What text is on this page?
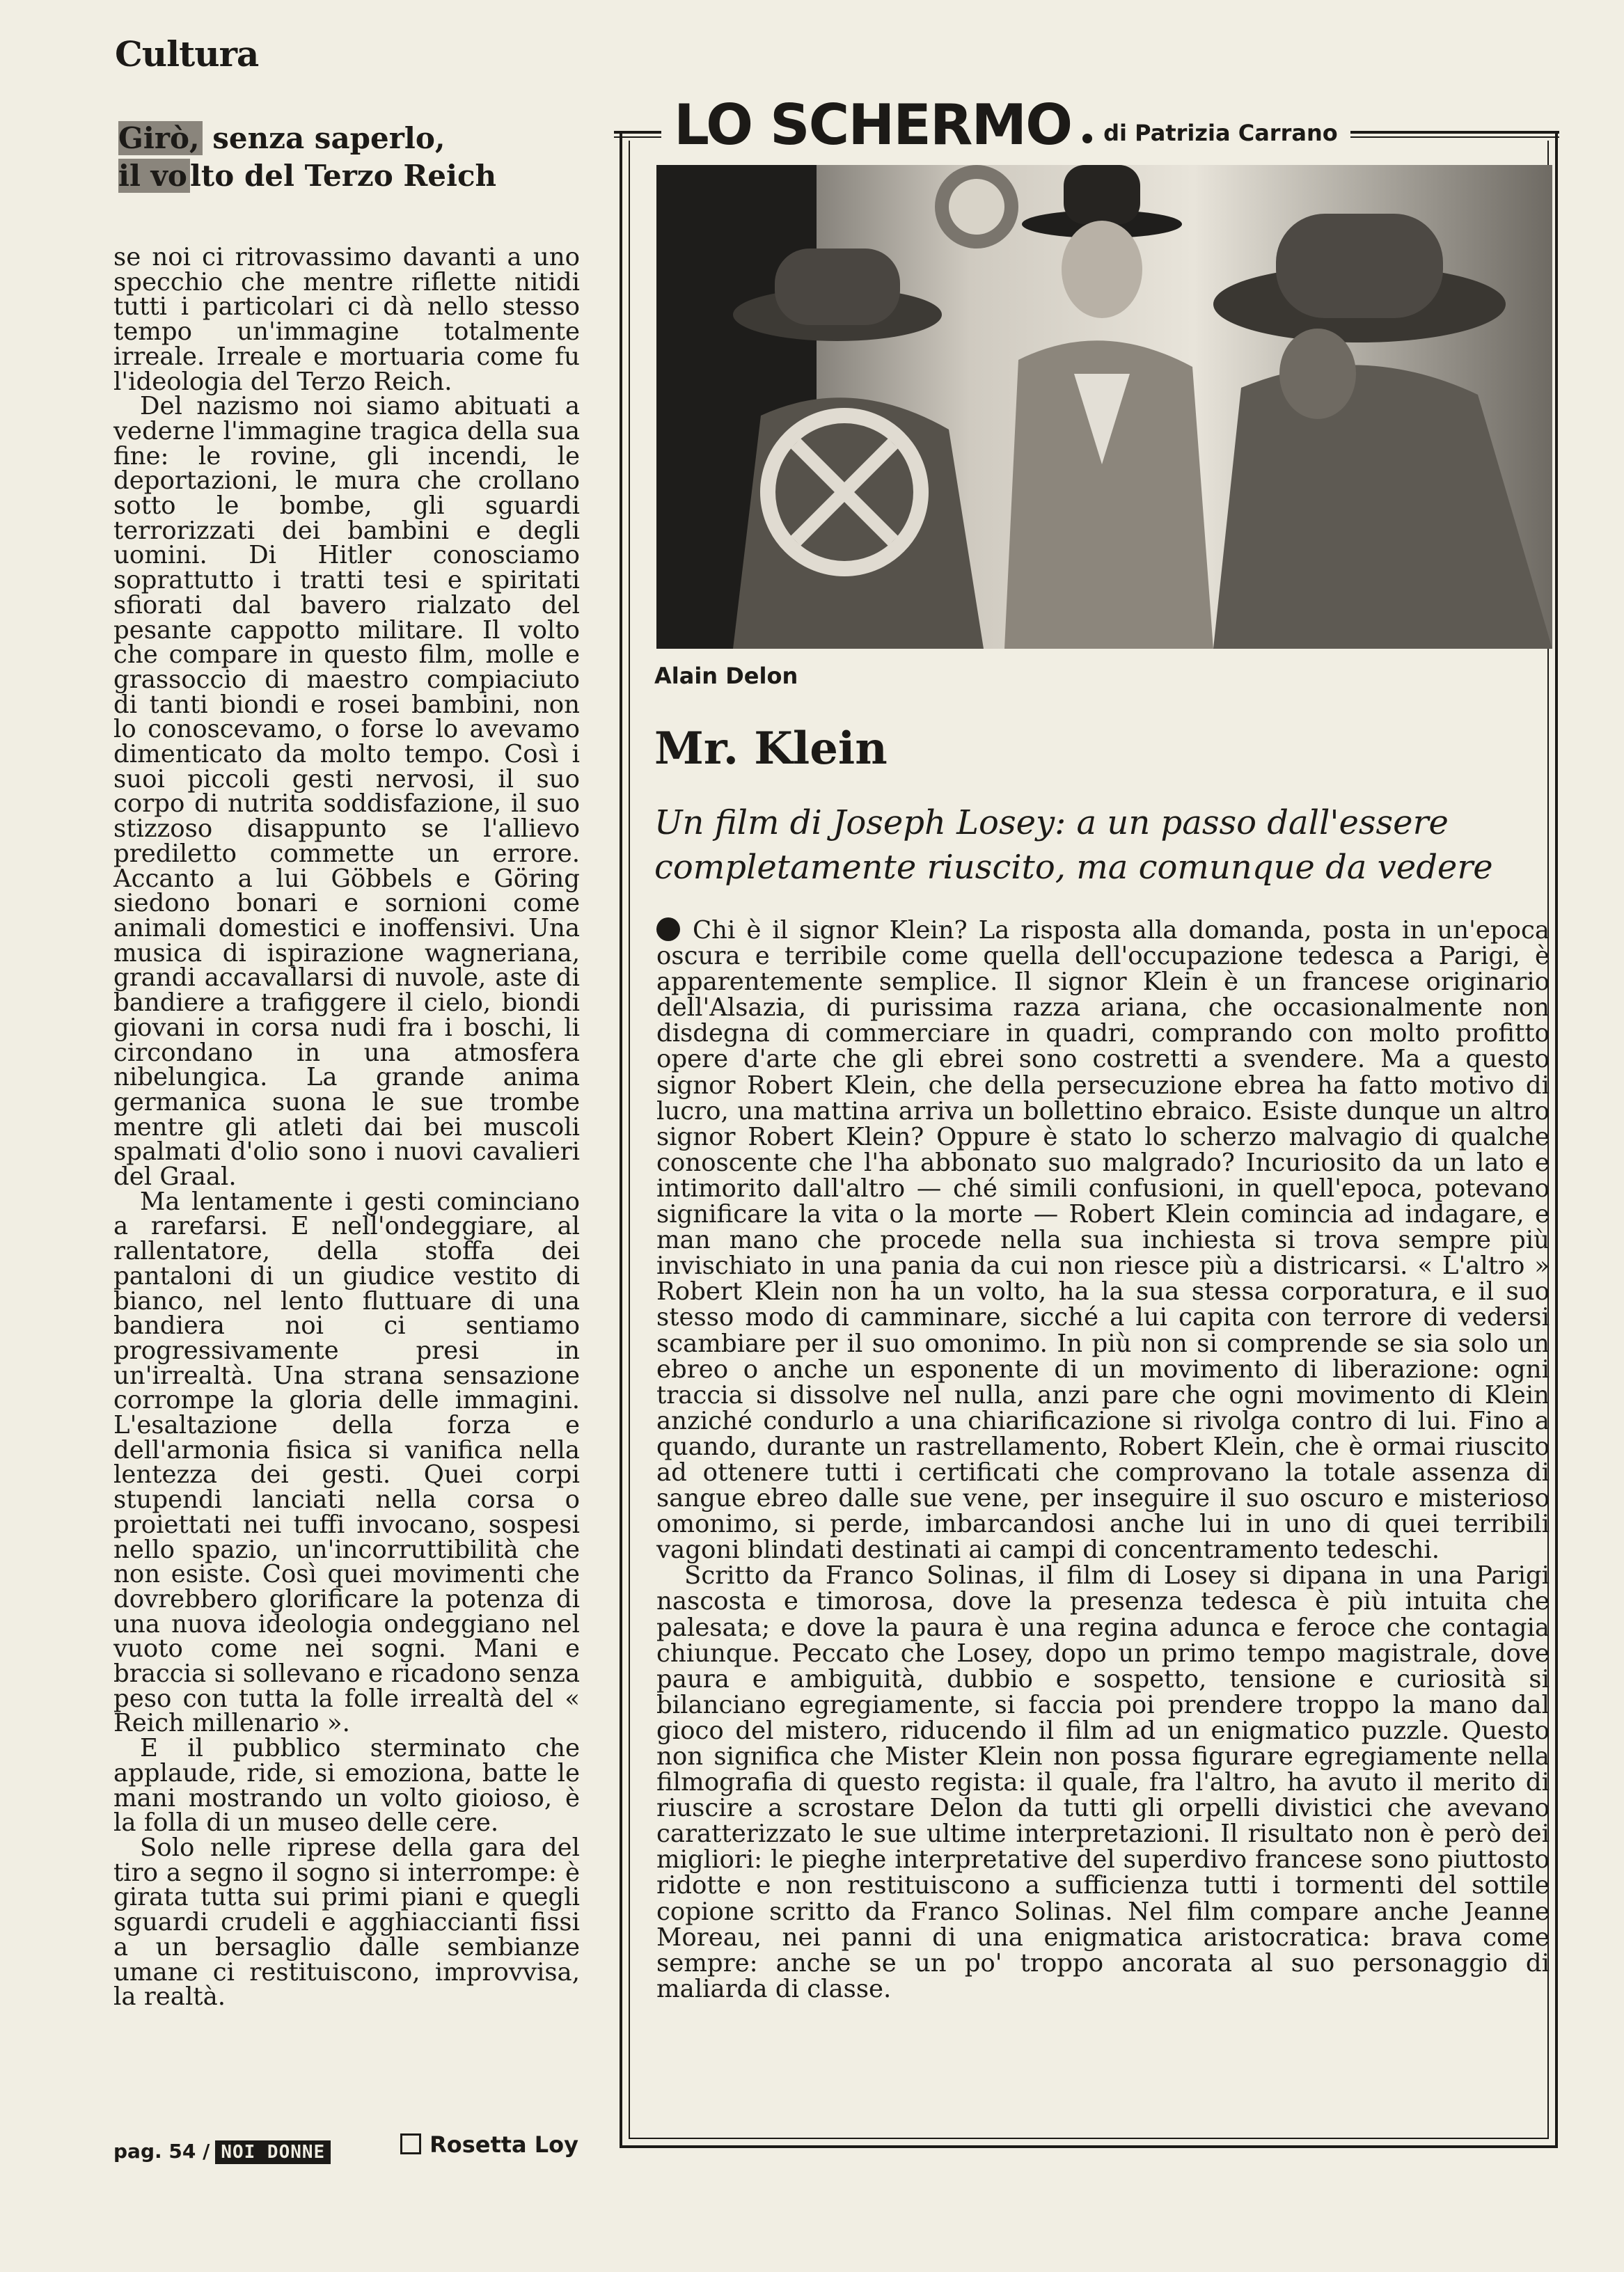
Cultura
Girò, senza saperlo,
il volto del Terzo Reich

se noi ci ritrovassimo davanti a uno specchio che mentre riflette nitidi tutti i particolari ci dà nello stesso tempo un'immagine totalmente irreale. Irreale e mortuaria come fu l'ideologia del Terzo Reich.

Del nazismo noi siamo abituati a vederne l'immagine tragica della sua fine: le rovine, gli incendi, le deportazioni, le mura che crollano sotto le bombe, gli sguardi terrorizzati dei bambini e degli uomini. Di Hitler conosciamo soprattutto i tratti tesi e spiritati sfiorati dal bavero rialzato del pesante cappotto militare. Il volto che compare in questo film, molle e grassoccio di maestro compiaciuto di tanti biondi e rosei bambini, non lo conoscevamo, o forse lo avevamo dimenticato da molto tempo. Così i suoi piccoli gesti nervosi, il suo corpo di nutrita soddisfazione, il suo stizzoso disappunto se l'allievo prediletto commette un errore. Accanto a lui Göbbels e Göring siedono bonari e sornioni come animali domestici e inoffensivi. Una musica di ispirazione wagneriana, grandi accavallarsi di nuvole, aste di bandiere a trafiggere il cielo, biondi giovani in corsa nudi fra i boschi, li circondano in una atmosfera nibelungica. La grande anima germanica suona le sue trombe mentre gli atleti dai bei muscoli spalmati d'olio sono i nuovi cavalieri del Graal.

Ma lentamente i gesti cominciano a rarefarsi. E nell'ondeggiare, al rallentatore, della stoffa dei pantaloni di un giudice vestito di bianco, nel lento fluttuare di una bandiera noi ci sentiamo progressivamente presi in un'irrealtà. Una strana sensazione corrompe la gloria delle immagini. L'esaltazione della forza e dell'armonia fisica si vanifica nella lentezza dei gesti. Quei corpi stupendi lanciati nella corsa o proiettati nei tuffi invocano, sospesi nello spazio, un'incorruttibilità che non esiste. Così quei movimenti che dovrebbero glorificare la potenza di una nuova ideologia ondeggiano nel vuoto come nei sogni. Mani e braccia si sollevano e ricadono senza peso con tutta la folle irrealtà del « Reich millenario ».

E il pubblico sterminato che applaude, ride, si emoziona, batte le mani mostrando un volto gioioso, è la folla di un museo delle cere.

Solo nelle riprese della gara del tiro a segno il sogno si interrompe: è girata tutta sui primi piani e quegli sguardi crudeli e agghiaccianti fissi a un bersaglio dalle sembianze umane ci restituiscono, improvvisa, la realtà.

Rosetta Loy
pag. 54 / NOI DONNE
LO SCHERMO di Patrizia Carrano
Alain Delon
Mr. Klein
Un film di Joseph Losey: a un passo dall'essere completamente riuscito, ma comunque da vedere

Chi è il signor Klein? La risposta alla domanda, posta in un'epoca oscura e terribile come quella dell'occupazione tedesca a Parigi, è apparentemente semplice. Il signor Klein è un francese originario dell'Alsazia, di purissima razza ariana, che occasionalmente non disdegna di commerciare in quadri, comprando con molto profitto opere d'arte che gli ebrei sono costretti a svendere. Ma a questo signor Robert Klein, che della persecuzione ebrea ha fatto motivo di lucro, una mattina arriva un bollettino ebraico. Esiste dunque un altro signor Robert Klein? Oppure è stato lo scherzo malvagio di qualche conoscente che l'ha abbonato suo malgrado? Incuriosito da un lato e intimorito dall'altro — ché simili confusioni, in quell'epoca, potevano significare la vita o la morte — Robert Klein comincia ad indagare, e man mano che procede nella sua inchiesta si trova sempre più invischiato in una pania da cui non riesce più a districarsi. « L'altro » Robert Klein non ha un volto, ha la sua stessa corporatura, e il suo stesso modo di camminare, sicché a lui capita con terrore di vedersi scambiare per il suo omonimo. In più non si comprende se sia solo un ebreo o anche un esponente di un movimento di liberazione: ogni traccia si dissolve nel nulla, anzi pare che ogni movimento di Klein anziché condurlo a una chiarificazione si rivolga contro di lui. Fino a quando, durante un rastrellamento, Robert Klein, che è ormai riuscito ad ottenere tutti i certificati che comprovano la totale assenza di sangue ebreo dalle sue vene, per inseguire il suo oscuro e misterioso omonimo, si perde, imbarcandosi anche lui in uno di quei terribili vagoni blindati destinati ai campi di concentramento tedeschi.

Scritto da Franco Solinas, il film di Losey si dipana in una Parigi nascosta e timorosa, dove la presenza tedesca è più intuita che palesata; e dove la paura è una regina adunca e feroce che contagia chiunque. Peccato che Losey, dopo un primo tempo magistrale, dove paura e ambiguità, dubbio e sospetto, tensione e curiosità si bilanciano egregiamente, si faccia poi prendere troppo la mano dal gioco del mistero, riducendo il film ad un enigmatico puzzle. Questo non significa che Mister Klein non possa figurare egregiamente nella filmografia di questo regista: il quale, fra l'altro, ha avuto il merito di riuscire a scrostare Delon da tutti gli orpelli divistici che avevano caratterizzato le sue ultime interpretazioni. Il risultato non è però dei migliori: le pieghe interpretative del superdivo francese sono piuttosto ridotte e non restituiscono a sufficienza tutti i tormenti del sottile copione scritto da Franco Solinas. Nel film compare anche Jeanne Moreau, nei panni di una enigmatica aristocratica: brava come sempre: anche se un po' troppo ancorata al suo personaggio di maliarda di classe.
